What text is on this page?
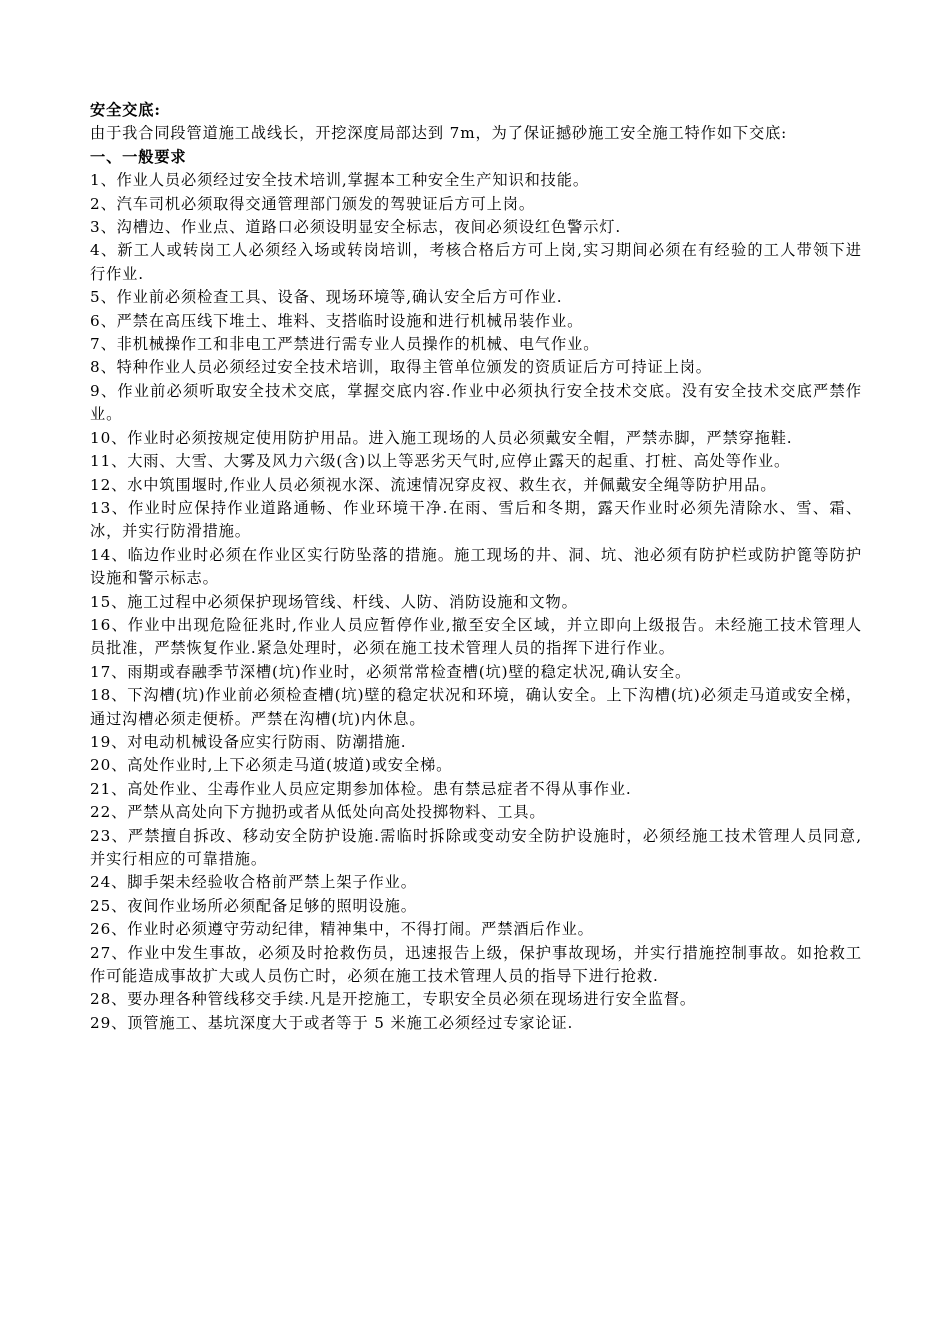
安全交底:

由于我合同段管道施工战线长，开挖深度局部达到 7m，为了保证撼砂施工安全施工特作如下交底:

一、一般要求

1、作业人员必须经过安全技术培训,掌握本工种安全生产知识和技能。

2、汽车司机必须取得交通管理部门颁发的驾驶证后方可上岗。

3、沟槽边、作业点、道路口必须设明显安全标志，夜间必须设红色警示灯.

4、新工人或转岗工人必须经入场或转岗培训，考核合格后方可上岗,实习期间必须在有经验的工人带领下进行作业.

5、作业前必须检查工具、设备、现场环境等,确认安全后方可作业.

6、严禁在高压线下堆土、堆料、支搭临时设施和进行机械吊装作业。

7、非机械操作工和非电工严禁进行需专业人员操作的机械、电气作业。

8、特种作业人员必须经过安全技术培训，取得主管单位颁发的资质证后方可持证上岗。

9、作业前必须听取安全技术交底，掌握交底内容.作业中必须执行安全技术交底。没有安全技术交底严禁作业。

10、作业时必须按规定使用防护用品。进入施工现场的人员必须戴安全帽，严禁赤脚，严禁穿拖鞋.

11、大雨、大雪、大雾及风力六级(含)以上等恶劣天气时,应停止露天的起重、打桩、高处等作业。

12、水中筑围堰时,作业人员必须视水深、流速情况穿皮衩、救生衣，并佩戴安全绳等防护用品。

13、作业时应保持作业道路通畅、作业环境干净.在雨、雪后和冬期，露天作业时必须先清除水、雪、霜、冰，并实行防滑措施。

14、临边作业时必须在作业区实行防坠落的措施。施工现场的井、洞、坑、池必须有防护栏或防护篦等防护设施和警示标志。

15、施工过程中必须保护现场管线、杆线、人防、消防设施和文物。

16、作业中出现危险征兆时,作业人员应暂停作业,撤至安全区域，并立即向上级报告。未经施工技术管理人员批准，严禁恢复作业.紧急处理时，必须在施工技术管理人员的指挥下进行作业。

17、雨期或春融季节深槽(坑)作业时，必须常常检查槽(坑)壁的稳定状况,确认安全。

18、下沟槽(坑)作业前必须检查槽(坑)壁的稳定状况和环境，确认安全。上下沟槽(坑)必须走马道或安全梯，通过沟槽必须走便桥。严禁在沟槽(坑)内休息。

19、对电动机械设备应实行防雨、防潮措施.

20、高处作业时,上下必须走马道(坡道)或安全梯。

21、高处作业、尘毒作业人员应定期参加体检。患有禁忌症者不得从事作业.

22、严禁从高处向下方抛扔或者从低处向高处投掷物料、工具。

23、严禁擅自拆改、移动安全防护设施.需临时拆除或变动安全防护设施时，必须经施工技术管理人员同意,并实行相应的可靠措施。

24、脚手架未经验收合格前严禁上架子作业。

25、夜间作业场所必须配备足够的照明设施。

26、作业时必须遵守劳动纪律，精神集中，不得打闹。严禁酒后作业。

27、作业中发生事故，必须及时抢救伤员，迅速报告上级，保护事故现场，并实行措施控制事故。如抢救工作可能造成事故扩大或人员伤亡时，必须在施工技术管理人员的指导下进行抢救.

28、要办理各种管线移交手续.凡是开挖施工，专职安全员必须在现场进行安全监督。

29、顶管施工、基坑深度大于或者等于 5 米施工必须经过专家论证.
